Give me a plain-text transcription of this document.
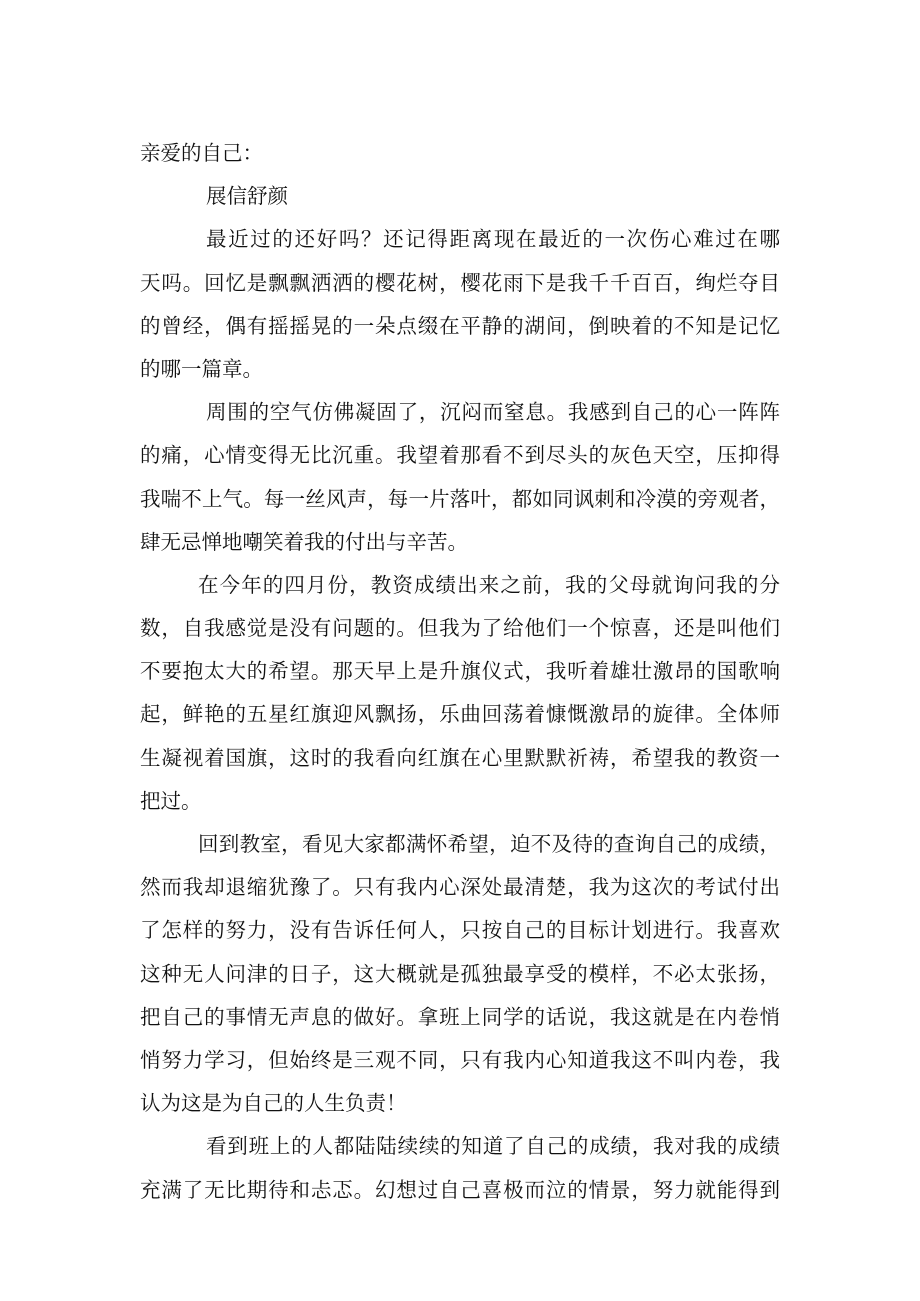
亲爱的自己：
展信舒颜
最近过的还好吗？还记得距离现在最近的一次伤心难过在哪
天吗。回忆是飘飘洒洒的樱花树，樱花雨下是我千千百百，绚烂夺目
的曾经，偶有摇摇晃的一朵点缀在平静的湖间，倒映着的不知是记忆
的哪一篇章。
周围的空气仿佛凝固了，沉闷而窒息。我感到自己的心一阵阵
的痛，心情变得无比沉重。我望着那看不到尽头的灰色天空，压抑得
我喘不上气。每一丝风声，每一片落叶，都如同讽刺和冷漠的旁观者，
肆无忌惮地嘲笑着我的付出与辛苦。
在今年的四月份，教资成绩出来之前，我的父母就询问我的分
数，自我感觉是没有问题的。但我为了给他们一个惊喜，还是叫他们
不要抱太大的希望。那天早上是升旗仪式，我听着雄壮激昂的国歌响
起，鲜艳的五星红旗迎风飘扬，乐曲回荡着慷慨激昂的旋律。全体师
生凝视着国旗，这时的我看向红旗在心里默默祈祷，希望我的教资一
把过。
回到教室，看见大家都满怀希望，迫不及待的查询自己的成绩，
然而我却退缩犹豫了。只有我内心深处最清楚，我为这次的考试付出
了怎样的努力，没有告诉任何人，只按自己的目标计划进行。我喜欢
这种无人问津的日子，这大概就是孤独最享受的模样，不必太张扬，
把自己的事情无声息的做好。拿班上同学的话说，我这就是在内卷悄
悄努力学习，但始终是三观不同，只有我内心知道我这不叫内卷，我
认为这是为自己的人生负责！
看到班上的人都陆陆续续的知道了自己的成绩，我对我的成绩
充满了无比期待和忐忑。幻想过自己喜极而泣的情景，努力就能得到
